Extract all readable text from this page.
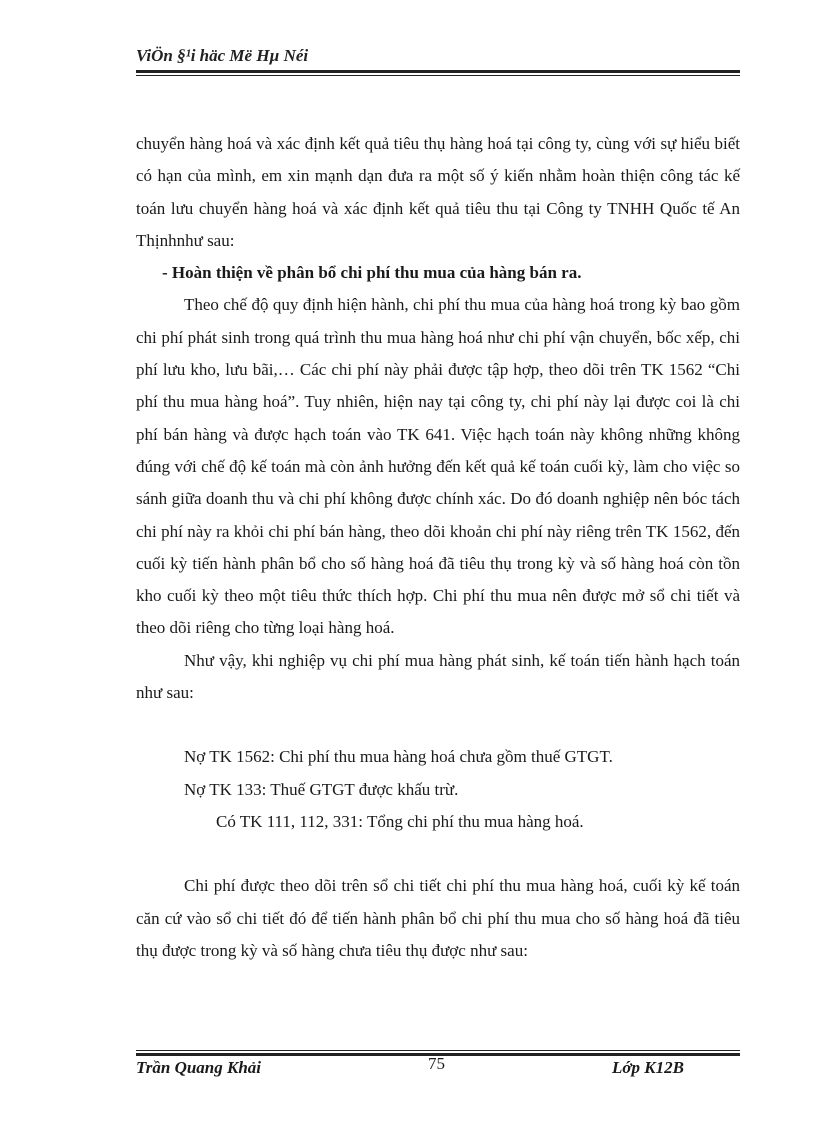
ViÖn §¹i häc Më Hµ Néi

chuyển hàng hoá và xác định kết quả tiêu thụ hàng hoá tại công ty, cùng với sự hiểu biết có hạn của mình, em xin mạnh dạn đưa ra một số ý kiến nhằm hoàn thiện công tác kế toán lưu chuyển hàng hoá và xác định kết quả tiêu thu tại Công ty TNHH Quốc tế An Thịnhnhư sau:

- Hoàn thiện về phân bổ chi phí thu mua của hàng bán ra.

Theo chế độ quy định hiện hành, chi phí thu mua của hàng hoá trong kỳ bao gồm chi phí phát sinh trong quá trình thu mua hàng hoá như chi phí vận chuyển, bốc xếp, chi phí lưu kho, lưu bãi,… Các chi phí này phải được tập hợp, theo dõi trên TK 1562 “Chi phí thu mua hàng hoá”. Tuy nhiên, hiện nay tại công ty, chi phí này lại được coi là chi phí bán hàng và được hạch toán vào TK 641. Việc hạch toán này không những không đúng với chế độ kế toán mà còn ảnh hưởng đến kết quả kế toán cuối kỳ, làm cho việc so sánh giữa doanh thu và chi phí không được chính xác. Do đó doanh nghiệp nên bóc tách chi phí này ra khỏi chi phí bán hàng, theo dõi khoản chi phí này riêng trên TK 1562, đến cuối kỳ tiến hành phân bổ cho số hàng hoá đã tiêu thụ trong kỳ và số hàng hoá còn tồn kho cuối kỳ theo một tiêu thức thích hợp. Chi phí thu mua nên được mở sổ chi tiết và theo dõi riêng cho từng loại hàng hoá.

Như vậy, khi nghiệp vụ chi phí mua hàng phát sinh, kế toán tiến hành hạch toán như sau:

Nợ TK 1562: Chi phí thu mua hàng hoá chưa gồm thuế GTGT.

Nợ TK 133: Thuế GTGT được khấu trừ.

Có TK 111, 112, 331: Tổng chi phí thu mua hàng hoá.

Chi phí được theo dõi trên sổ chi tiết chi phí thu mua hàng hoá, cuối kỳ kế toán căn cứ vào sổ chi tiết đó để tiến hành phân bổ chi phí thu mua cho số hàng hoá đã tiêu thụ được trong kỳ và số hàng chưa tiêu thụ được như sau:

Trần Quang Khải	75	Lớp K12B
